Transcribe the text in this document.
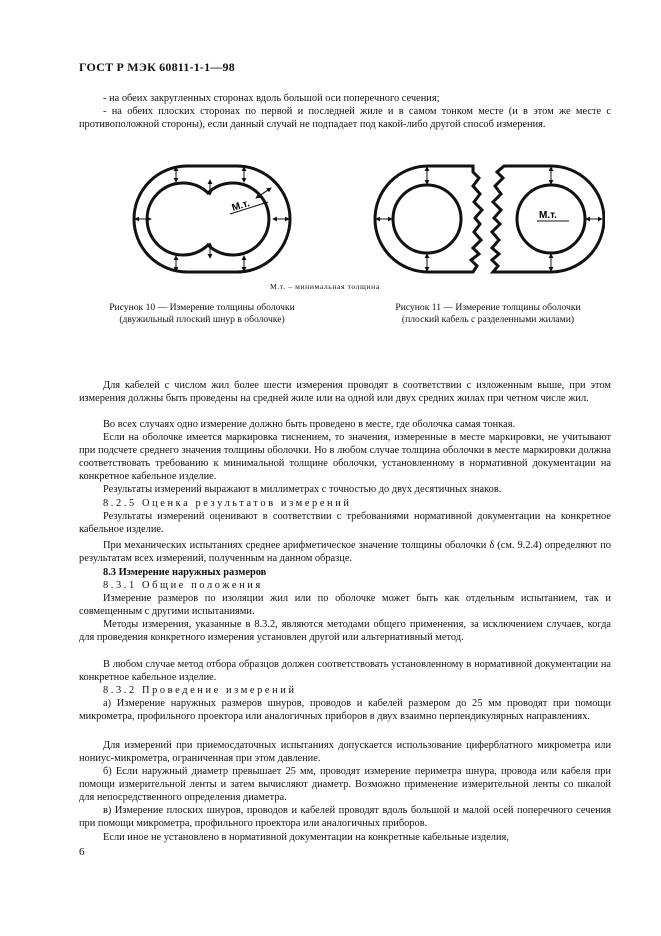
ГОСТ Р МЭК 60811-1-1—98

- на обеих закругленных сторонах вдоль большой оси поперечного сечения;

- на обеих плоских сторонах по первой и последней жиле и в самом тонком месте (и в этом же месте с противоположной стороны), если данный случай не подпадает под какой-либо другой способ измерения.

М.т.
М.т.
М.т. – минимальная толщина
Рисунок 10 — Измерение толщины оболочки
(двужильный плоский шнур в оболочке)
Рисунок 11 — Измерение толщины оболочки
(плоский кабель с разделенными жилами)

Для кабелей с числом жил более шести измерения проводят в соответствии с изложенным выше, при этом измерения должны быть проведены на средней жиле или на одной или двух средних жилах при четном числе жил.

Во всех случаях одно измерение должно быть проведено в месте, где оболочка самая тонкая.

Если на оболочке имеется маркировка тиснением, то значения, измеренные в месте маркировки, не учитывают при подсчете среднего значения толщины оболочки. Но в любом случае толщина оболочки в месте маркировки должна соответствовать требованию к минимальной толщине оболочки, установленному в нормативной документации на конкретное кабельное изделие.

Результаты измерений выражают в миллиметрах с точностью до двух десятичных знаков.

8.2.5 Оценка результатов измерений

Результаты измерений оценивают в соответствии с требованиями нормативной документации на конкретное кабельное изделие.

При механических испытаниях среднее арифметическое значение толщины оболочки δ (см. 9.2.4) определяют по результатам всех измерений, полученным на данном образце.

8.3 Измерение наружных размеров

8.3.1 Общие положения

Измерение размеров по изоляции жил или по оболочке может быть как отдельным испытанием, так и совмещенным с другими испытаниями.

Методы измерения, указанные в 8.3.2, являются методами общего применения, за исключением случаев, когда для проведения конкретного измерения установлен другой или альтернативный метод.

В любом случае метод отбора образцов должен соответствовать установленному в нормативной документации на конкретное кабельное изделие.

8.3.2 Проведение измерений

а) Измерение наружных размеров шнуров, проводов и кабелей размером до 25 мм проводят при помощи микрометра, профильного проектора или аналогичных приборов в двух взаимно перпендикулярных направлениях.

Для измерений при приемосдаточных испытаниях допускается использование циферблатного микрометра или нониус-микрометра, ограниченная при этом давление.

б) Если наружный диаметр превышает 25 мм, проводят измерение периметра шнура, провода или кабеля при помощи измерительной ленты и затем вычисляют диаметр. Возможно применение измерительной ленты со шкалой для непосредственного определения диаметра.

в) Измерение плоских шнуров, проводов и кабелей проводят вдоль большой и малой осей поперечного сечения при помощи микрометра, профильного проектора или аналогичных приборов.

Если иное не установлено в нормативной документации на конкретные кабельные изделия,

6
